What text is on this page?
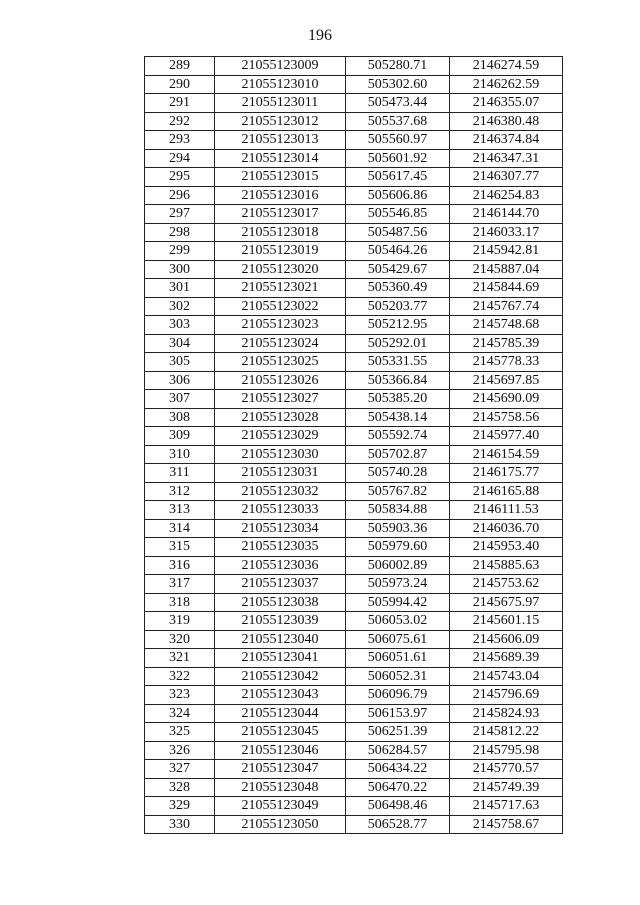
196
289	21055123009	505280.71	2146274.59
290	21055123010	505302.60	2146262.59
291	21055123011	505473.44	2146355.07
292	21055123012	505537.68	2146380.48
293	21055123013	505560.97	2146374.84
294	21055123014	505601.92	2146347.31
295	21055123015	505617.45	2146307.77
296	21055123016	505606.86	2146254.83
297	21055123017	505546.85	2146144.70
298	21055123018	505487.56	2146033.17
299	21055123019	505464.26	2145942.81
300	21055123020	505429.67	2145887.04
301	21055123021	505360.49	2145844.69
302	21055123022	505203.77	2145767.74
303	21055123023	505212.95	2145748.68
304	21055123024	505292.01	2145785.39
305	21055123025	505331.55	2145778.33
306	21055123026	505366.84	2145697.85
307	21055123027	505385.20	2145690.09
308	21055123028	505438.14	2145758.56
309	21055123029	505592.74	2145977.40
310	21055123030	505702.87	2146154.59
311	21055123031	505740.28	2146175.77
312	21055123032	505767.82	2146165.88
313	21055123033	505834.88	2146111.53
314	21055123034	505903.36	2146036.70
315	21055123035	505979.60	2145953.40
316	21055123036	506002.89	2145885.63
317	21055123037	505973.24	2145753.62
318	21055123038	505994.42	2145675.97
319	21055123039	506053.02	2145601.15
320	21055123040	506075.61	2145606.09
321	21055123041	506051.61	2145689.39
322	21055123042	506052.31	2145743.04
323	21055123043	506096.79	2145796.69
324	21055123044	506153.97	2145824.93
325	21055123045	506251.39	2145812.22
326	21055123046	506284.57	2145795.98
327	21055123047	506434.22	2145770.57
328	21055123048	506470.22	2145749.39
329	21055123049	506498.46	2145717.63
330	21055123050	506528.77	2145758.67
